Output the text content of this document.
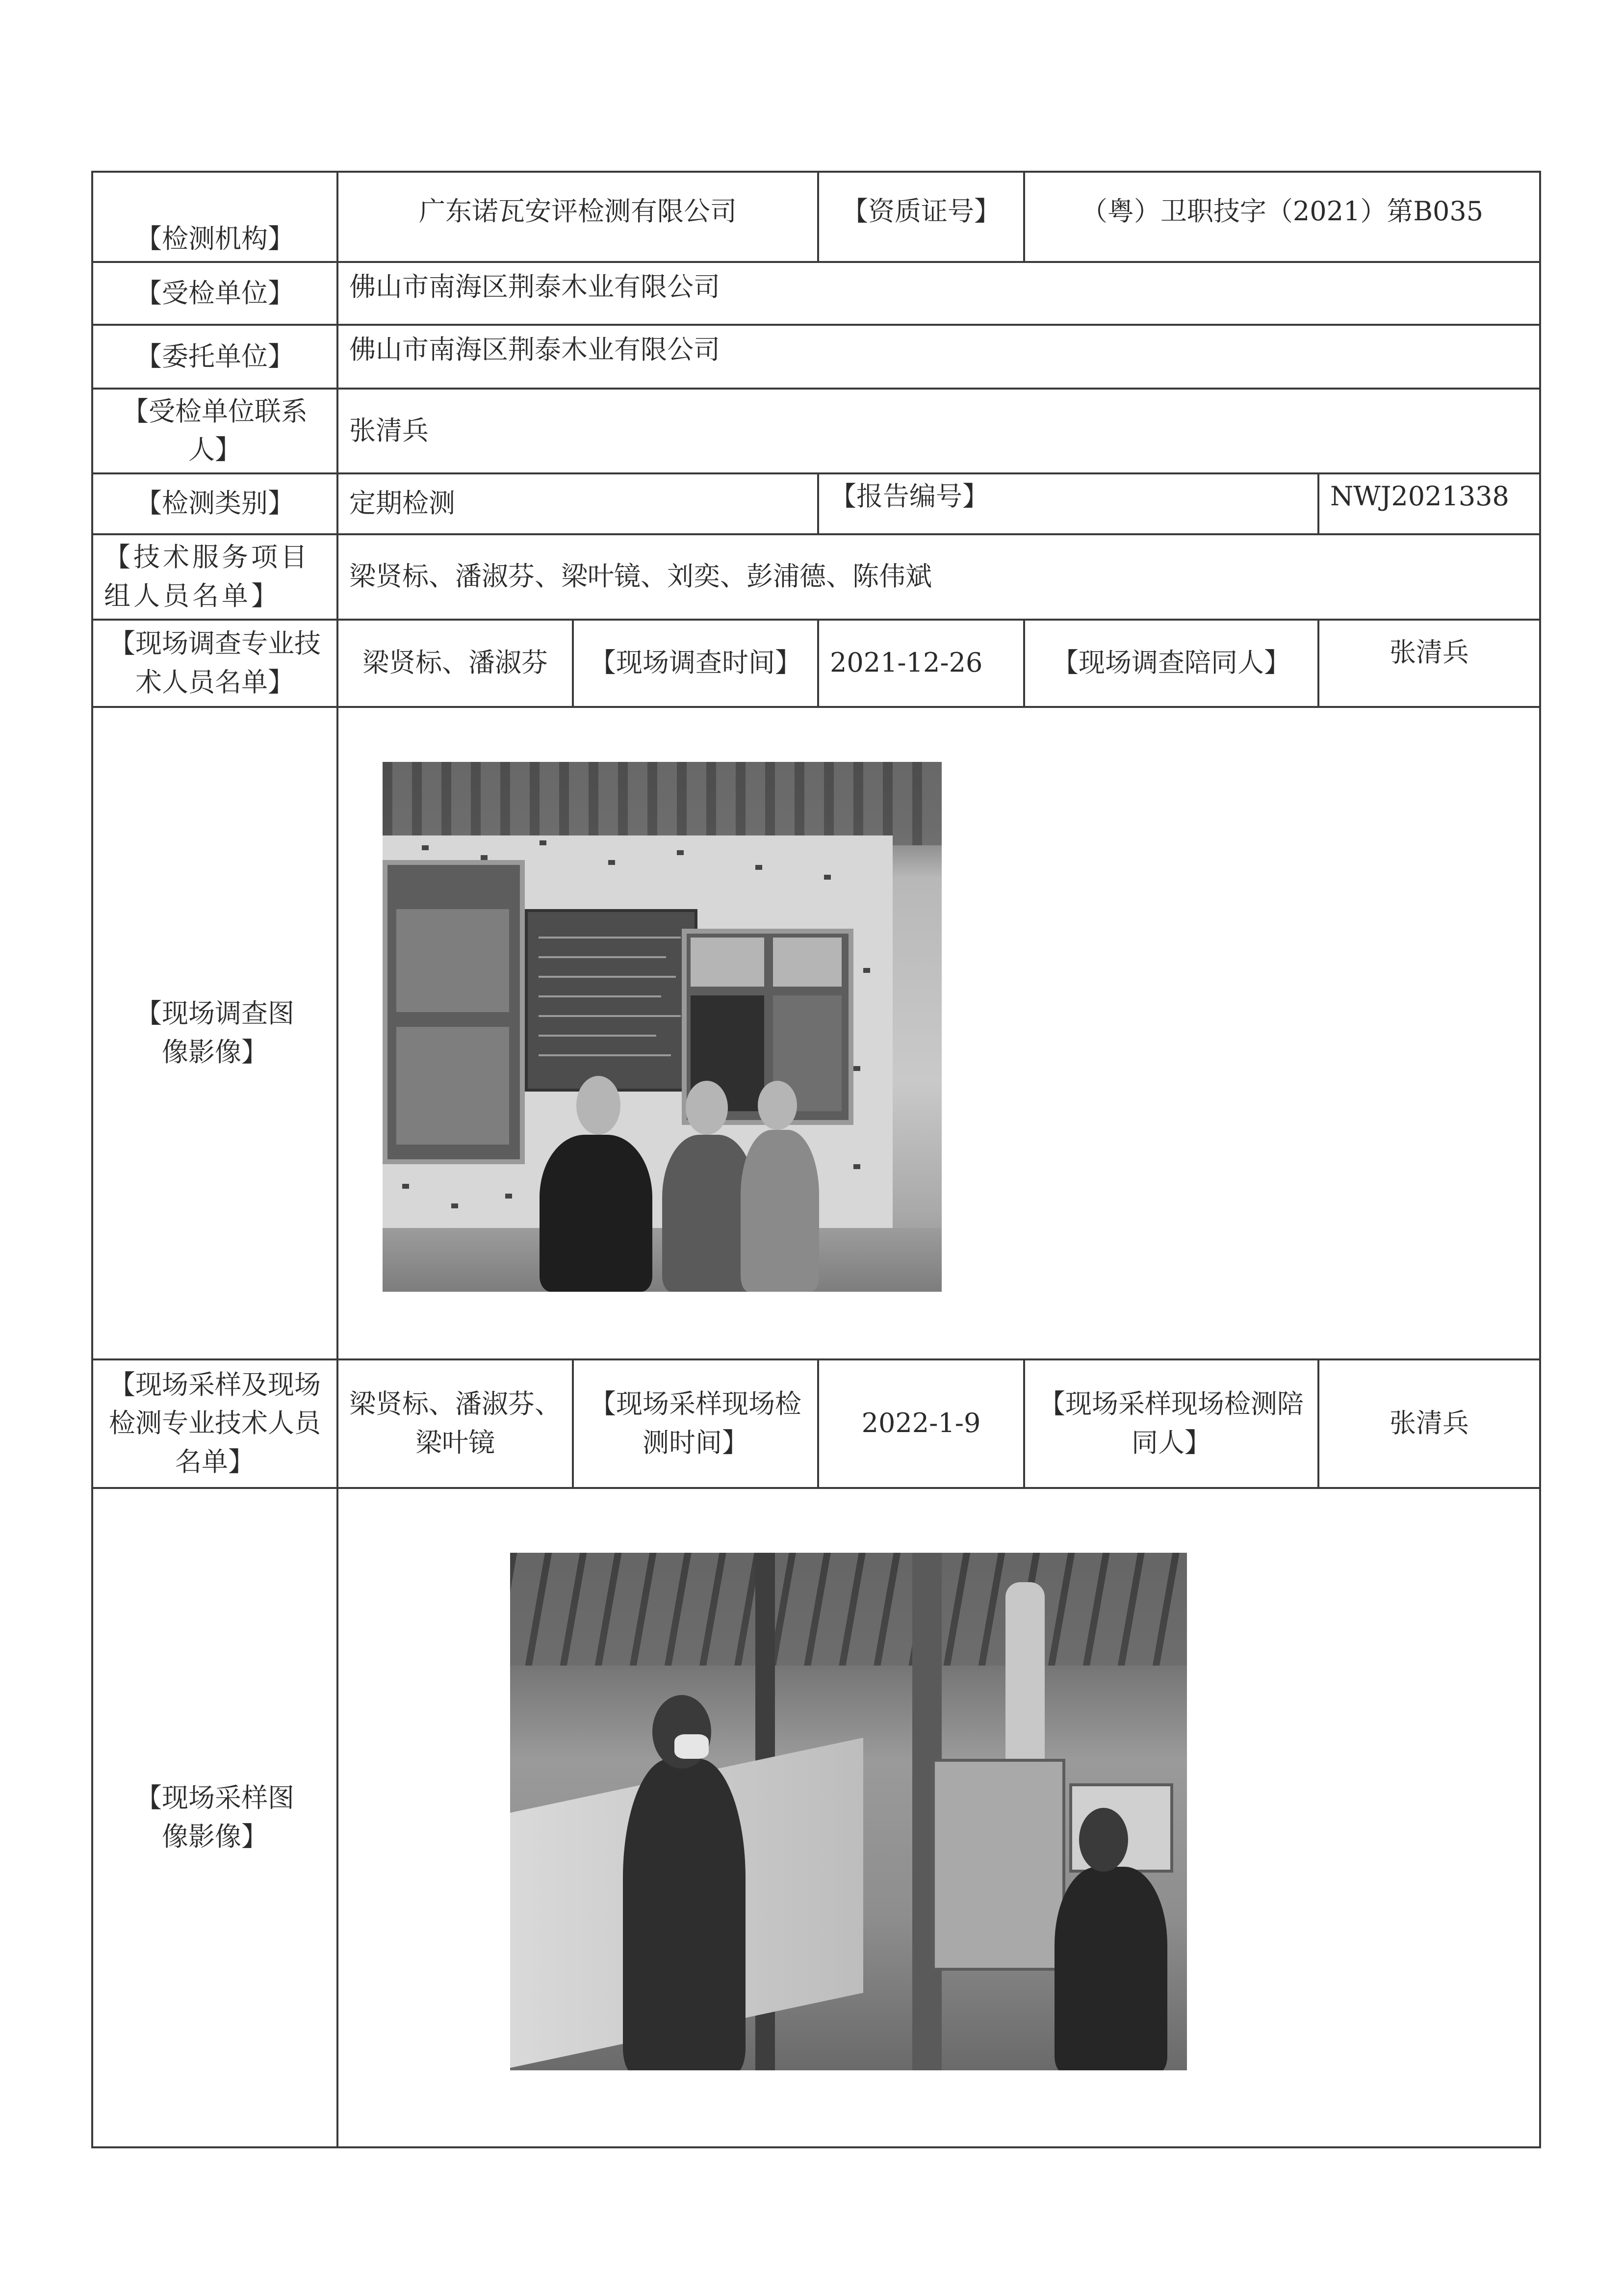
【检测机构】	广东诺瓦安评检测有限公司		【资质证号】	（粤）卫职技字（2021）第B035	
【受检单位】	佛山市南海区荆泰木业有限公司				
【委托单位】	佛山市南海区荆泰木业有限公司				
【受检单位联系人】	张清兵				
【检测类别】	定期检测		【报告编号】		NWJ2021338
【技术服务项目组人员名单】	梁贤标、潘淑芬、梁叶镜、刘奕、彭浦德、陈伟斌				
【现场调查专业技术人员名单】	梁贤标、潘淑芬	【现场调查时间】	2021-12-26	【现场调查陪同人】	张清兵
【现场调查图像影像】					

【现场采样及现场检测专业技术人员名单】	梁贤标、潘淑芬、梁叶镜	【现场采样现场检测时间】	2022-1-9	【现场采样现场检测陪同人】	张清兵
【现场采样图像影像】					
